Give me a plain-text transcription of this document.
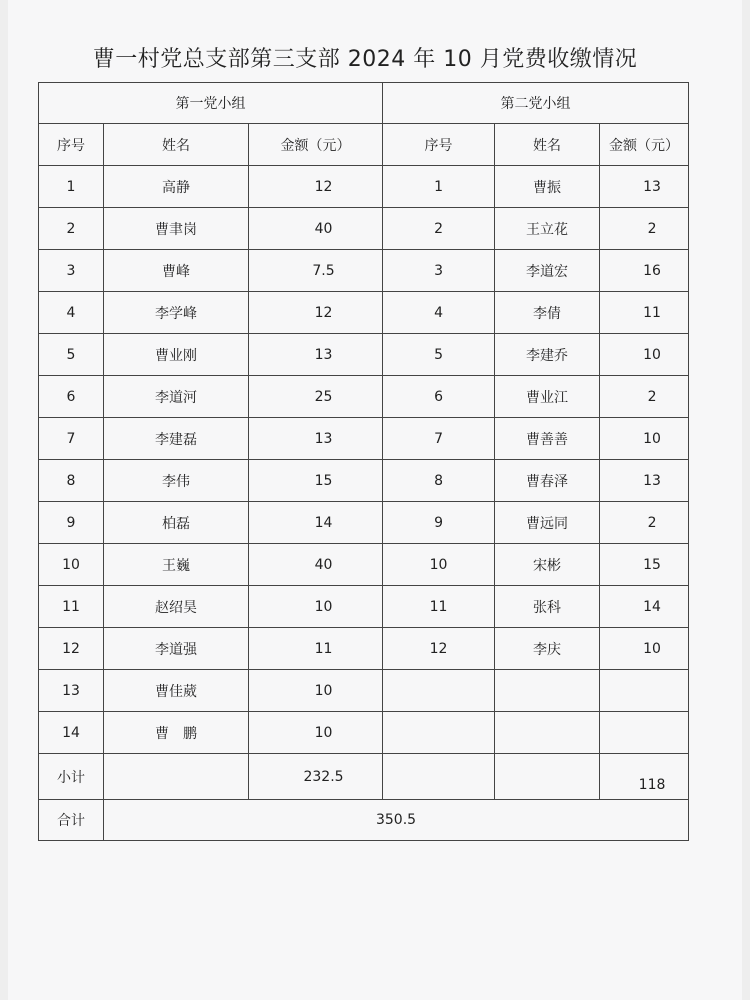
曹一村党总支部第三支部 2024 年 10 月党费收缴情况
第一党小组			第二党小组		
序号	姓名	金额（元）	序号	姓名	金额（元）
1	高静	12	1	曹振	13
2	曹聿岗	40	2	王立花	2
3	曹峰	7.5	3	李道宏	16
4	李学峰	12	4	李倩	11
5	曹业刚	13	5	李建乔	10
6	李道河	25	6	曹业江	2
7	李建磊	13	7	曹善善	10
8	李伟	15	8	曹春泽	13
9	柏磊	14	9	曹远同	2
10	王巍	40	10	宋彬	15
11	赵绍昊	10	11	张科	14
12	李道强	11	12	李庆	10
13	曹佳葳	10			
14	曹　鹏	10			
小计		232.5			118
合计	350.5				
